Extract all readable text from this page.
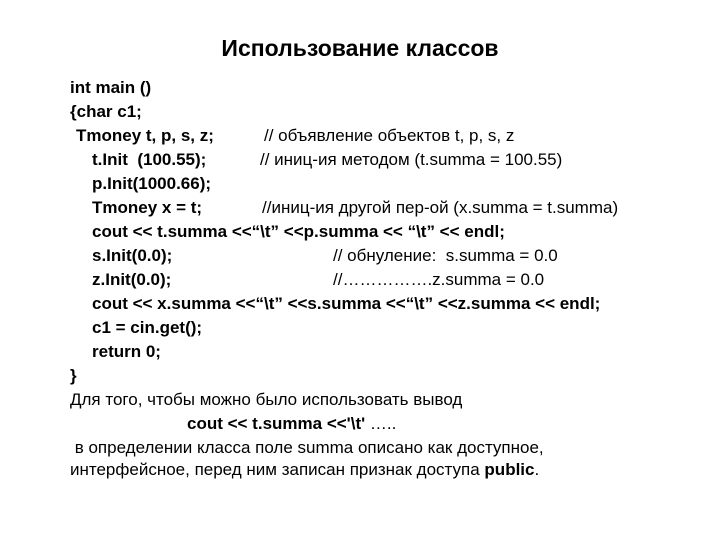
Использование классов
int main ()
{char c1;
Tmoney t, p, s, z;	// объявление объектов t, p, s, z
t.Init  (100.55);	// иниц-ия методом (t.summa = 100.55)
p.Init(1000.66);
Tmoney x = t;	//иниц-ия другой пер-ой (x.summa = t.summa)
cout << t.summa <<“\t” <<p.summa << “\t” << endl;
s.Init(0.0);	// обнуление:  s.summa = 0.0
z.Init(0.0);	//…………….z.summa = 0.0
cout << x.summa <<“\t” <<s.summa <<“\t” <<z.summa << endl;
c1 = cin.get();
return 0;
}
Для того, чтобы можно было использовать вывод
cout << t.summa <<'\t' …..
в определении класса поле summa описано как доступное,
интерфейсное, перед ним записан признак доступа public.
